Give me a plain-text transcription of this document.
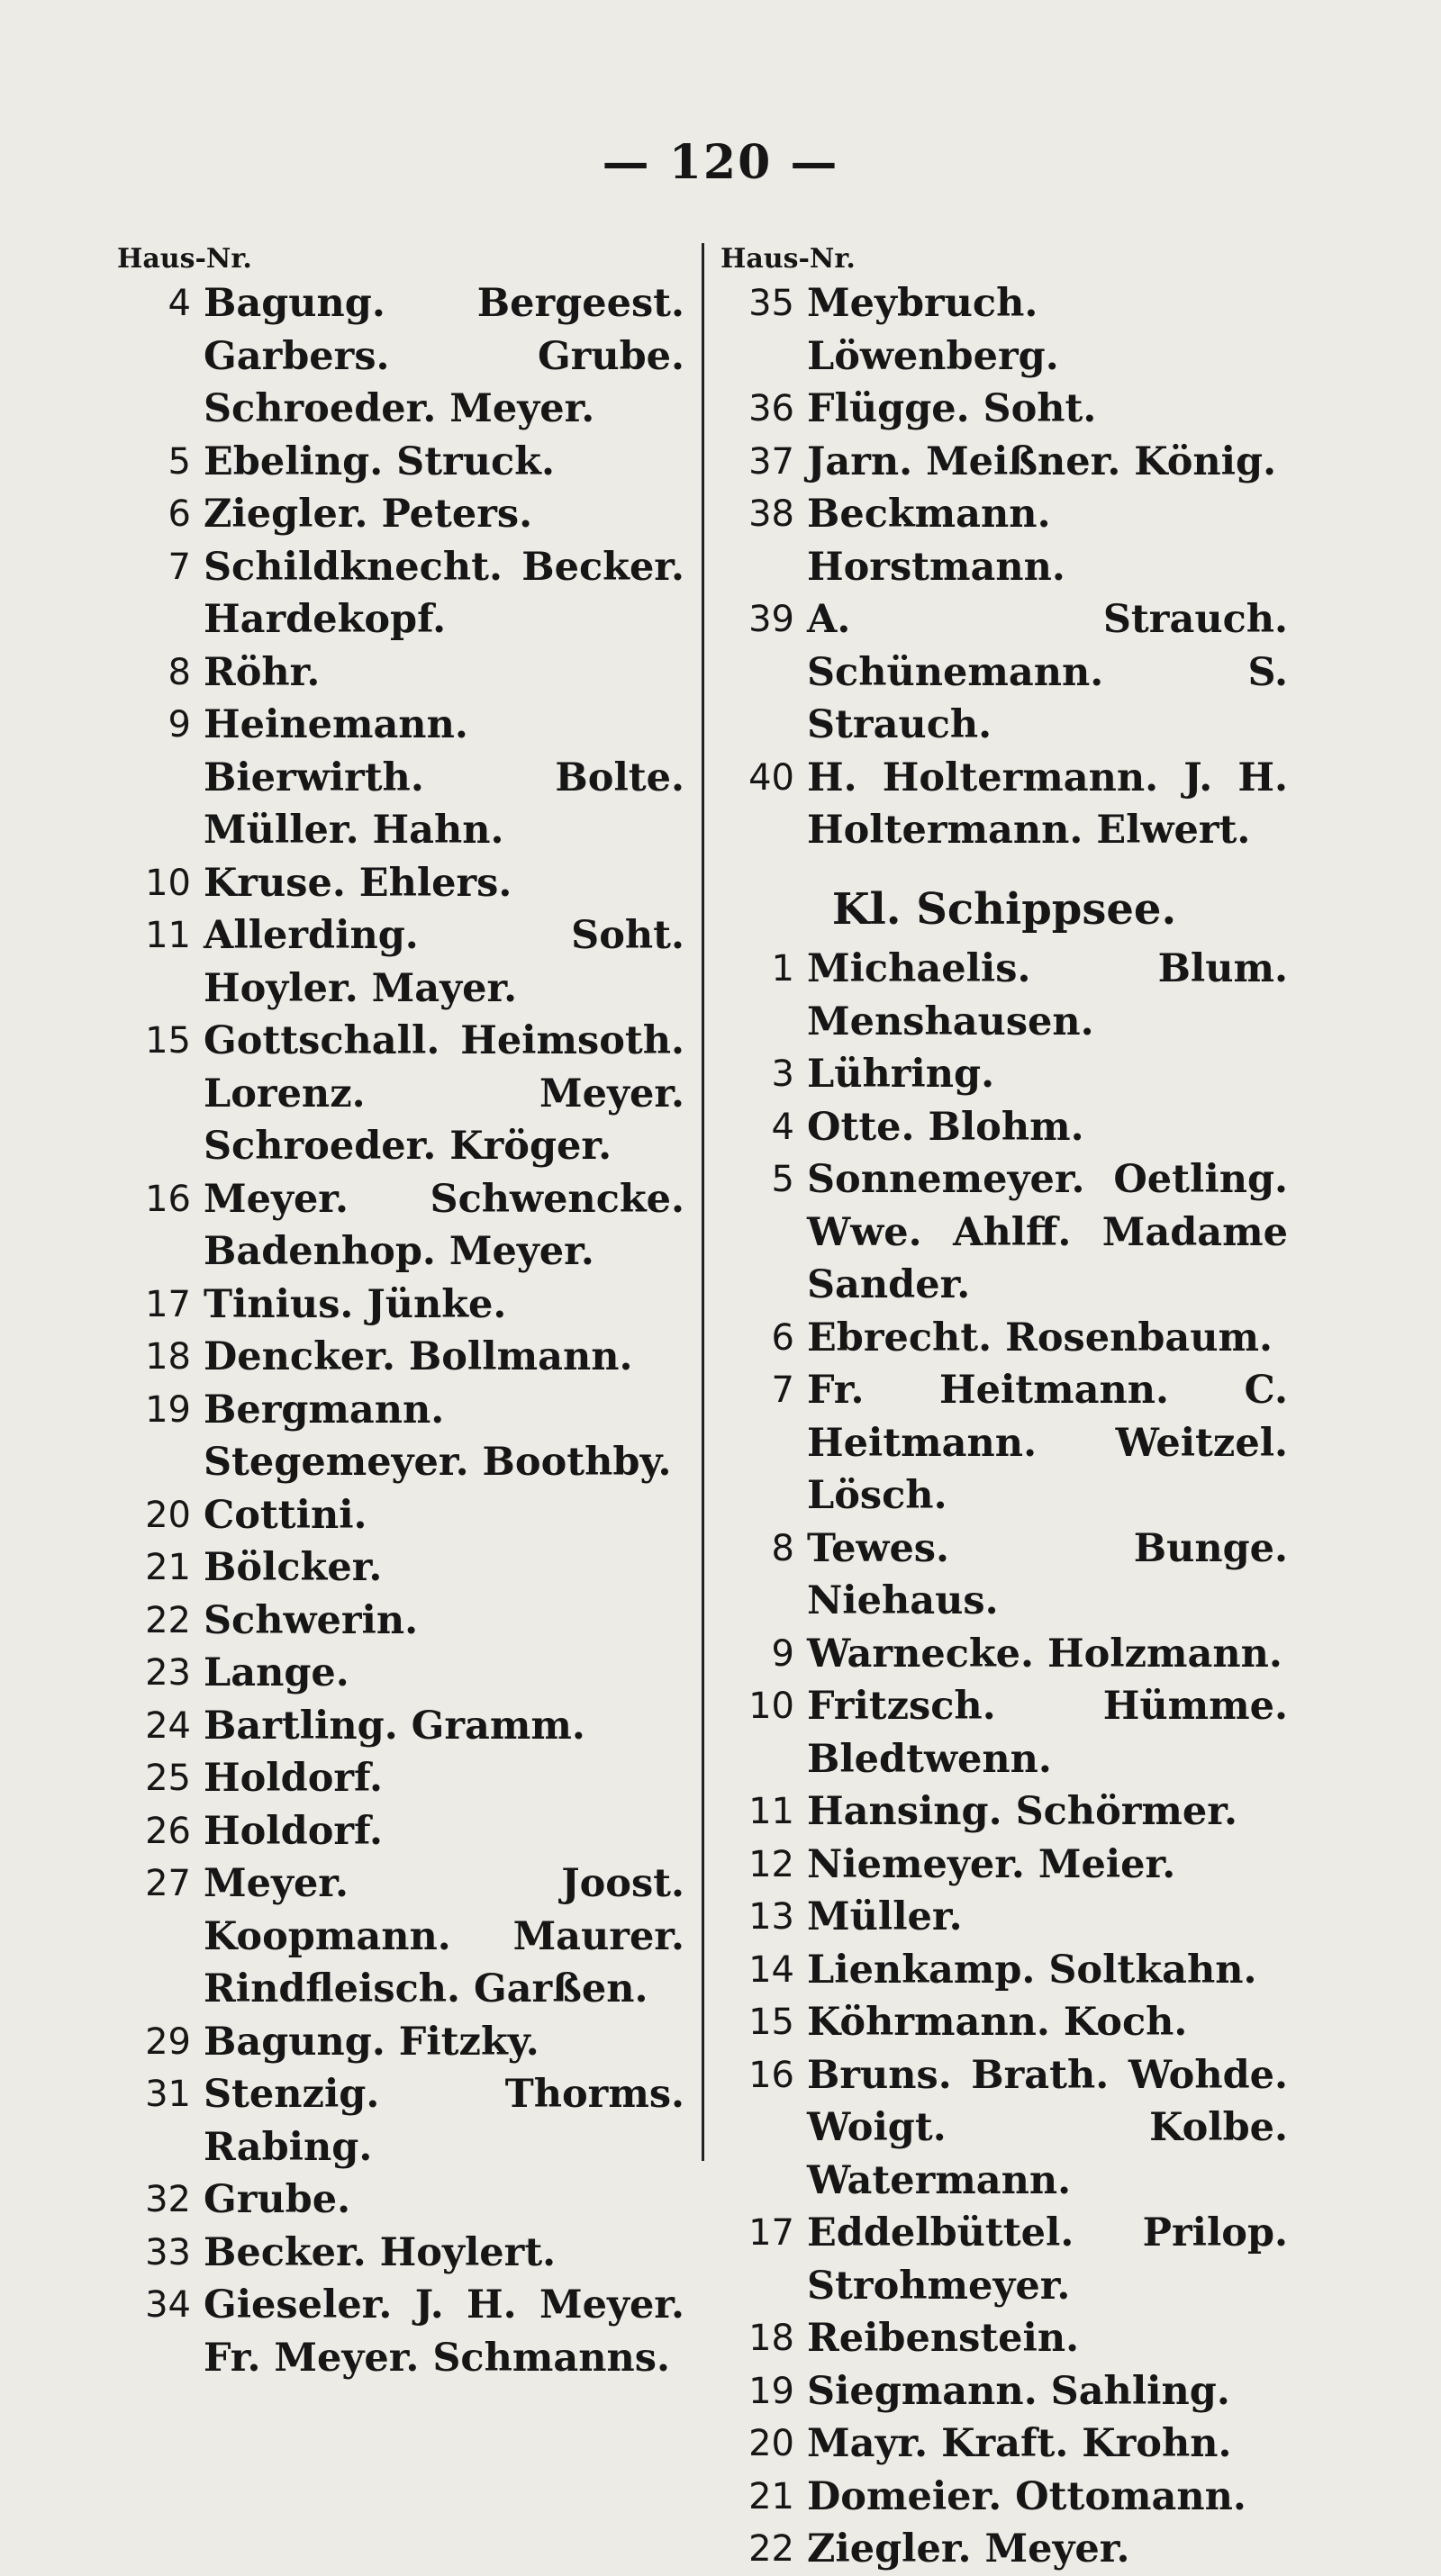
— 120 —
Haus-Nr.
4 Bagung. Bergeest. Garbers. Grube. Schroeder. Meyer.
5 Ebeling. Struck.
6 Ziegler. Peters.
7 Schildknecht. Becker. Hardekopf.
8 Röhr.
9 Heinemann. Bierwirth. Bolte. Müller. Hahn.
10 Kruse. Ehlers.
11 Allerding. Soht. Hoyler. Mayer.
15 Gottschall. Heimsoth. Lorenz. Meyer. Schroeder. Kröger.
16 Meyer. Schwencke. Badenhop. Meyer.
17 Tinius. Jünke.
18 Dencker. Bollmann.
19 Bergmann. Stegemeyer. Boothby.
20 Cottini.
21 Bölcker.
22 Schwerin.
23 Lange.
24 Bartling. Gramm.
25 Holdorf.
26 Holdorf.
27 Meyer. Joost. Koopmann. Maurer. Rindfleisch. Garßen.
29 Bagung. Fitzky.
31 Stenzig. Thorms. Rabing.
32 Grube.
33 Becker. Hoylert.
34 Gieseler. J. H. Meyer. Fr. Meyer. Schmanns.
Haus-Nr.
35 Meybruch. Löwenberg.
36 Flügge. Soht.
37 Jarn. Meißner. König.
38 Beckmann. Horstmann.
39 A. Strauch. Schünemann. S. Strauch.
40 H. Holtermann. J. H. Holtermann. Elwert.
Kl. Schippsee.
1 Michaelis. Blum. Menshausen.
3 Lühring.
4 Otte. Blohm.
5 Sonnemeyer. Oetling. Wwe. Ahlff. Madame Sander.
6 Ebrecht. Rosenbaum.
7 Fr. Heitmann. C. Heitmann. Weitzel. Lösch.
8 Tewes. Bunge. Niehaus.
9 Warnecke. Holzmann.
10 Fritzsch. Hümme. Bledtwenn.
11 Hansing. Schörmer.
12 Niemeyer. Meier.
13 Müller.
14 Lienkamp. Soltkahn.
15 Köhrmann. Koch.
16 Bruns. Brath. Wohde. Woigt. Kolbe. Watermann.
17 Eddelbüttel. Prilop. Strohmeyer.
18 Reibenstein.
19 Siegmann. Sahling.
20 Mayr. Kraft. Krohn.
21 Domeier. Ottomann.
22 Ziegler. Meyer.
